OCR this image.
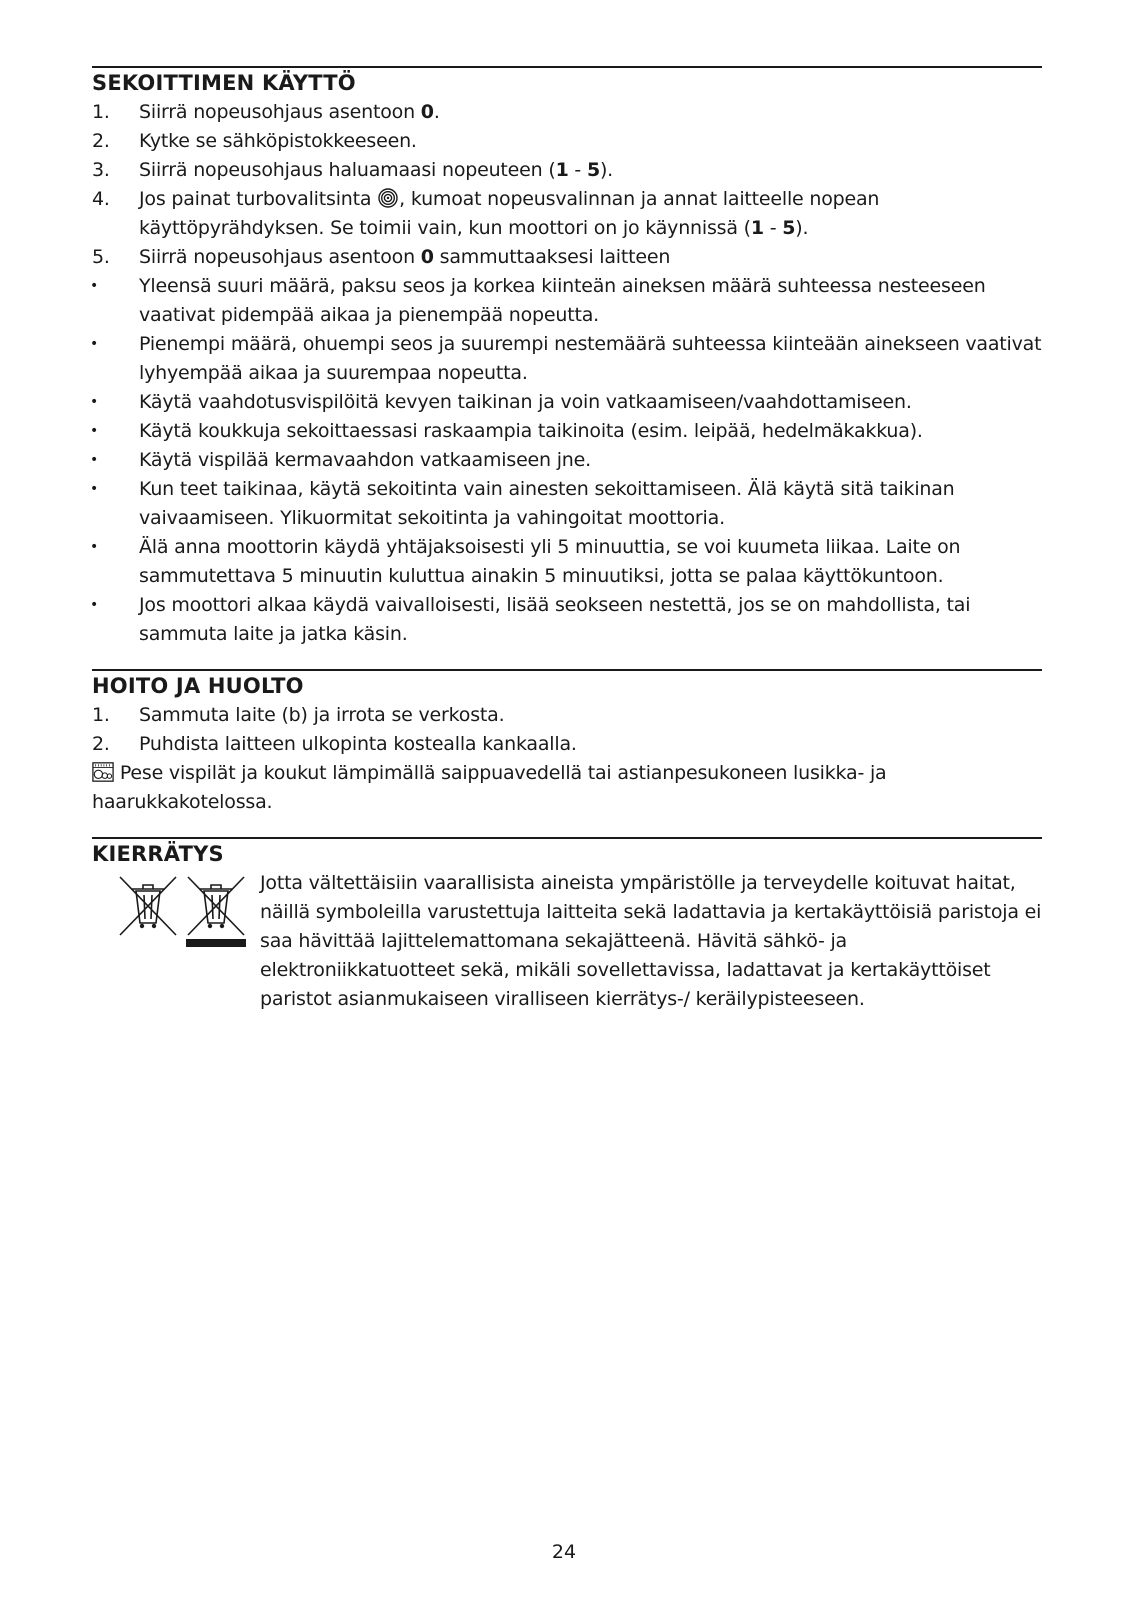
SEKOITTIMEN KÄYTTÖ
1. Siirrä nopeusohjaus asentoon 0.
2. Kytke se sähköpistokkeeseen.
3. Siirrä nopeusohjaus haluamaasi nopeuteen (1 - 5).
4. Jos painat turbovalitsinta , kumoat nopeusvalinnan ja annat laitteelle nopean käyttöpyrähdyksen. Se toimii vain, kun moottori on jo käynnissä (1 - 5).
5. Siirrä nopeusohjaus asentoon 0 sammuttaaksesi laitteen
• Yleensä suuri määrä, paksu seos ja korkea kiinteän aineksen määrä suhteessa nesteeseen vaativat pidempää aikaa ja pienempää nopeutta.
• Pienempi määrä, ohuempi seos ja suurempi nestemäärä suhteessa kiinteään ainekseen vaativat lyhyempää aikaa ja suurempaa nopeutta.
• Käytä vaahdotusvispilöitä kevyen taikinan ja voin vatkaamiseen/vaahdottamiseen.
• Käytä koukkuja sekoittaessasi raskaampia taikinoita (esim. leipää, hedelmäkakkua).
• Käytä vispilää kermavaahdon vatkaamiseen jne.
• Kun teet taikinaa, käytä sekoitinta vain ainesten sekoittamiseen. Älä käytä sitä taikinan vaivaamiseen. Ylikuormitat sekoitinta ja vahingoitat moottoria.
• Älä anna moottorin käydä yhtäjaksoisesti yli 5 minuuttia, se voi kuumeta liikaa. Laite on sammutettava 5 minuutin kuluttua ainakin 5 minuutiksi, jotta se palaa käyttökuntoon.
• Jos moottori alkaa käydä vaivalloisesti, lisää seokseen nestettä, jos se on mahdollista, tai sammuta laite ja jatka käsin.
HOITO JA HUOLTO
1. Sammuta laite (b) ja irrota se verkosta.
2. Puhdista laitteen ulkopinta kostealla kankaalla.
Pese vispilät ja koukut lämpimällä saippuavedellä tai astianpesukoneen lusikka- ja haarukkakotelossa.
KIERRÄTYS
Jotta vältettäisiin vaarallisista aineista ympäristölle ja terveydelle koituvat haitat, näillä symboleilla varustettuja laitteita sekä ladattavia ja kertakäyttöisiä paristoja ei saa hävittää lajittelemattomana sekajätteenä. Hävitä sähkö- ja elektroniikkatuotteet sekä, mikäli sovellettavissa, ladattavat ja kertakäyttöiset paristot asianmukaiseen viralliseen kierrätys-/ keräilypisteeseen.
24
